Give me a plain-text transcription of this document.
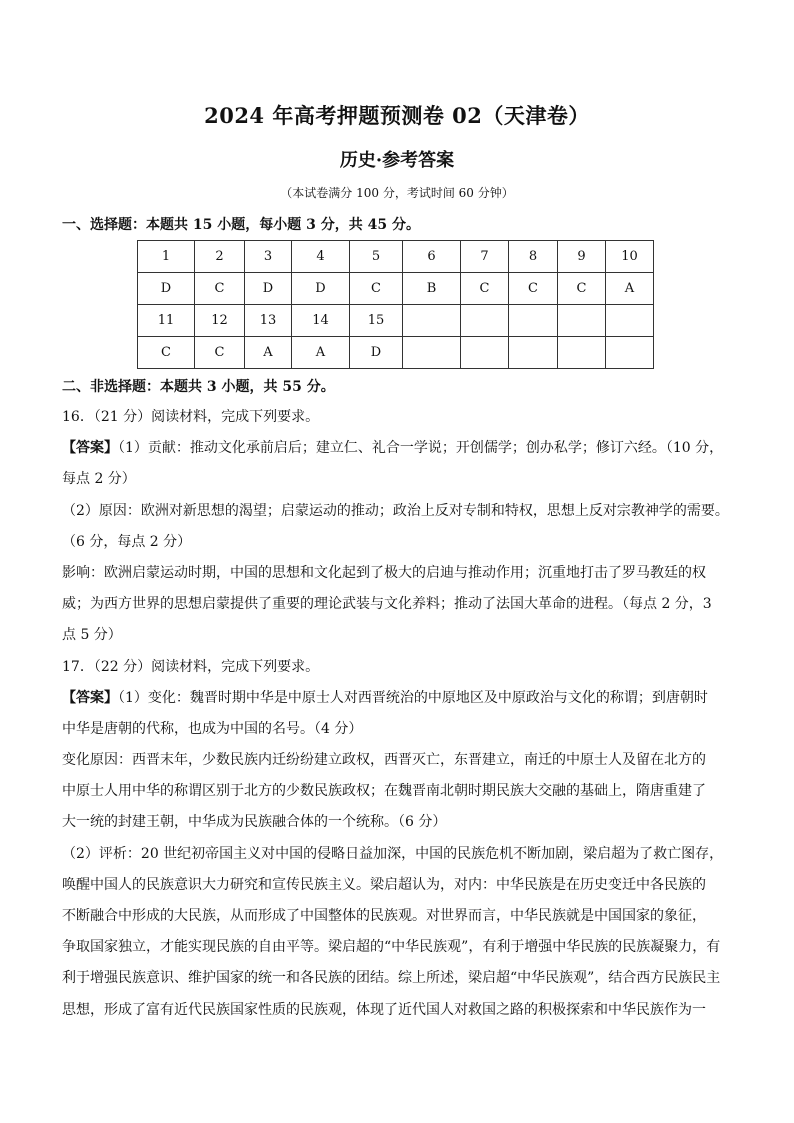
2024 年高考押题预测卷 02（天津卷）
历史·参考答案
（本试卷满分 100 分，考试时间 60 分钟）
一、选择题：本题共 15 小题，每小题 3 分，共 45 分。
1	2	3	4	5	6	7	8	9	10
D	C	D	D	C	B	C	C	C	A
11	12	13	14	15					
C	C	A	A	D					
二、非选择题：本题共 3 小题，共 55 分。
16．（21 分）阅读材料，完成下列要求。
【答案】（1）贡献：推动文化承前启后；建立仁、礼合一学说；开创儒学；创办私学；修订六经。（10 分，
每点 2 分）
（2）原因：欧洲对新思想的渴望；启蒙运动的推动；政治上反对专制和特权，思想上反对宗教神学的需要。
（6 分，每点 2 分）
影响：欧洲启蒙运动时期，中国的思想和文化起到了极大的启迪与推动作用；沉重地打击了罗马教廷的权
威；为西方世界的思想启蒙提供了重要的理论武装与文化养料；推动了法国大革命的进程。（每点 2 分，3
点 5 分）
17．（22 分）阅读材料，完成下列要求。
【答案】（1）变化：魏晋时期中华是中原士人对西晋统治的中原地区及中原政治与文化的称谓；到唐朝时
中华是唐朝的代称，也成为中国的名号。（4 分）
变化原因：西晋末年，少数民族内迁纷纷建立政权，西晋灭亡，东晋建立，南迁的中原士人及留在北方的
中原士人用中华的称谓区别于北方的少数民族政权；在魏晋南北朝时期民族大交融的基础上，隋唐重建了
大一统的封建王朝，中华成为民族融合体的一个统称。（6 分）
（2）评析：20 世纪初帝国主义对中国的侵略日益加深，中国的民族危机不断加剧，梁启超为了救亡图存，
唤醒中国人的民族意识大力研究和宣传民族主义。梁启超认为，对内：中华民族是在历史变迁中各民族的
不断融合中形成的大民族，从而形成了中国整体的民族观。对世界而言，中华民族就是中国国家的象征，
争取国家独立，才能实现民族的自由平等。梁启超的“中华民族观”，有利于增强中华民族的民族凝聚力，有
利于增强民族意识、维护国家的统一和各民族的团结。综上所述，梁启超“中华民族观”，结合西方民族民主
思想，形成了富有近代民族国家性质的民族观，体现了近代国人对救国之路的积极探索和中华民族作为一
